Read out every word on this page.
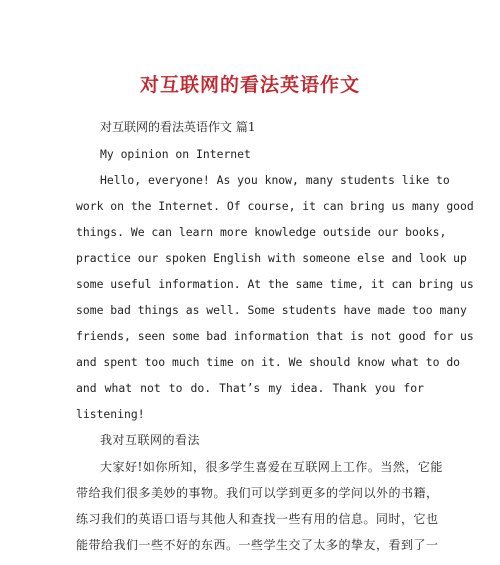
对互联网的看法英语作文
对互联网的看法英语作文 篇1
My opinion on Internet
Hello, everyone! As you know, many students like to
work on the Internet. Of course, it can bring us many good
things. We can learn more knowledge outside our books,
practice our spoken English with someone else and look up
some useful information. At the same time, it can bring us
some bad things as well. Some students have made too many
friends, seen some bad information that is not good for us
and spent too much time on it. We should know what to do
and what not to do. That’s my idea. Thank you for
listening!
我对互联网的看法
大家好!如你所知，很多学生喜爱在互联网上工作。当然，它能
带给我们很多美妙的事物。我们可以学到更多的学问以外的书籍，
练习我们的英语口语与其他人和查找一些有用的信息。同时，它也
能带给我们一些不好的东西。一些学生交了太多的挚友，看到了一
